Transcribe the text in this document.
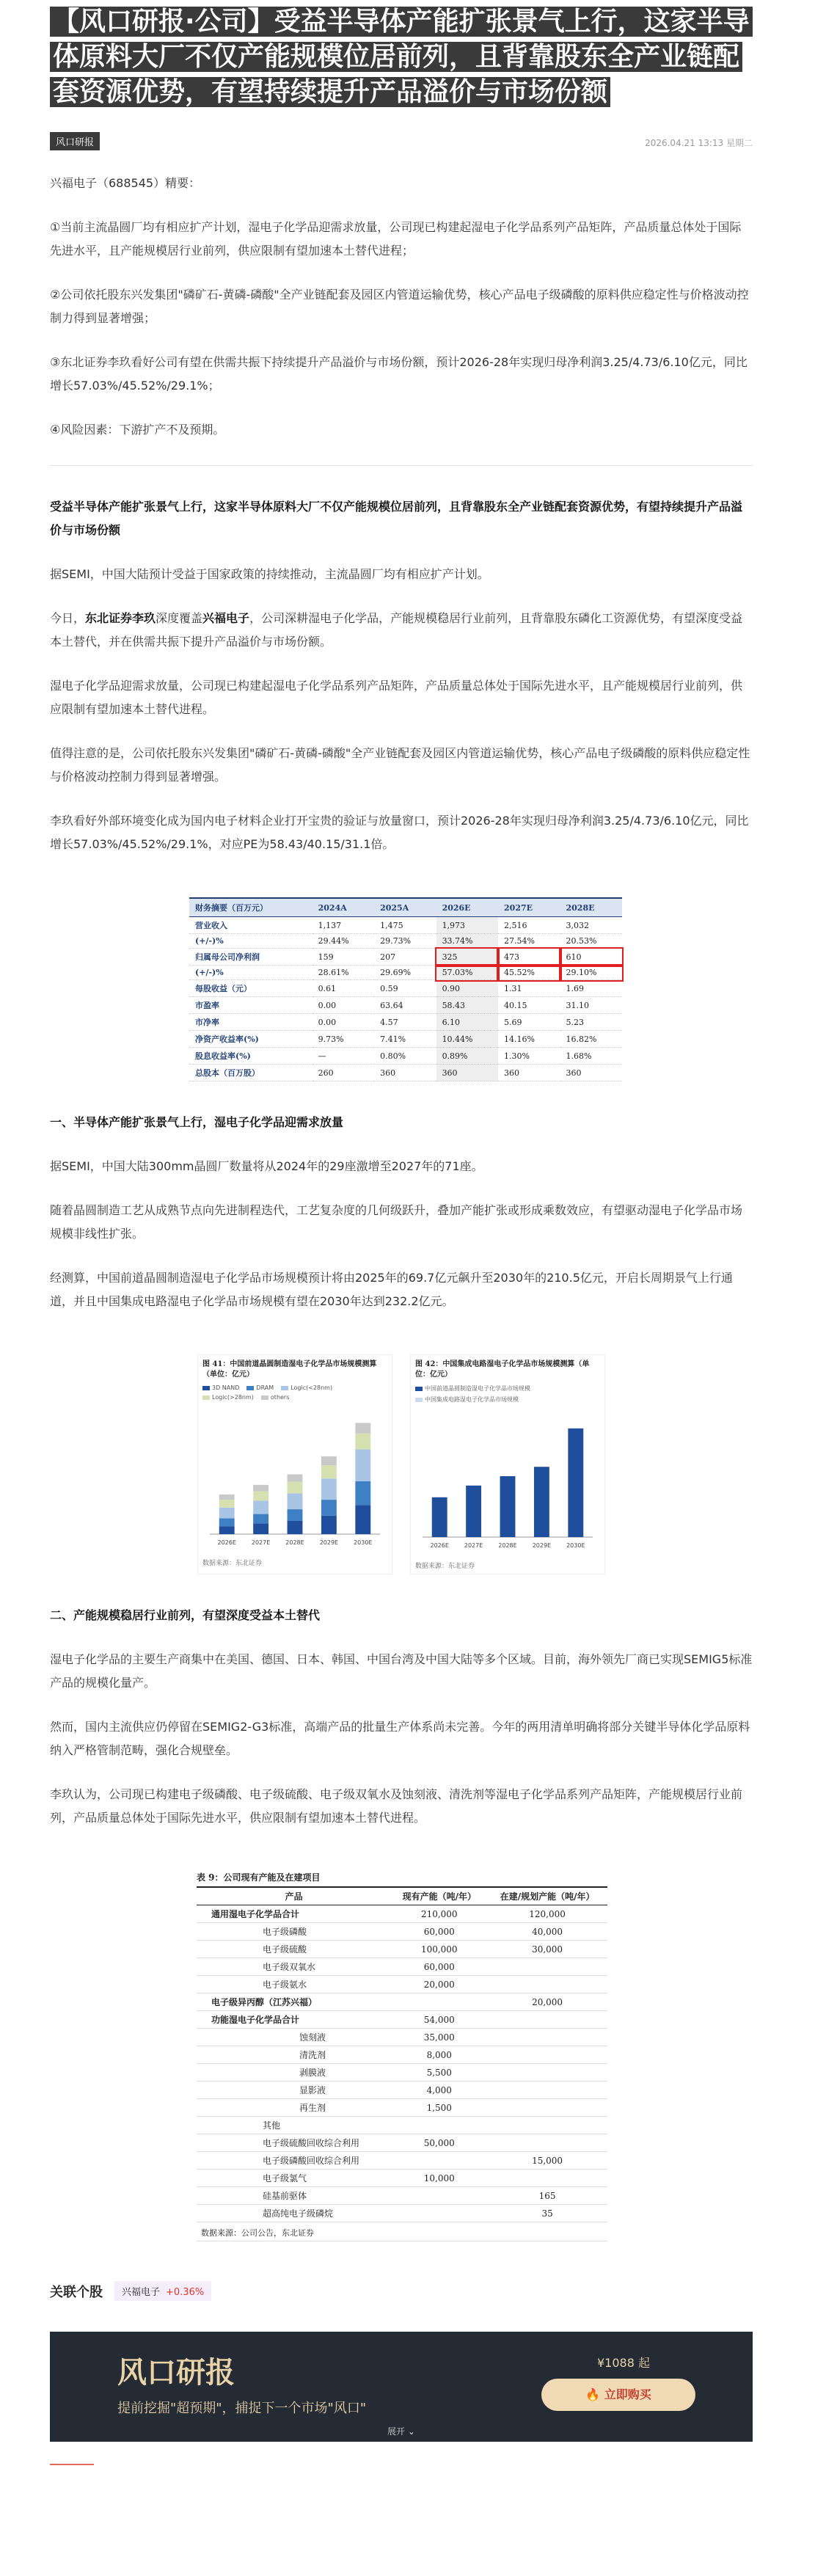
【风口研报·公司】受益半导体产能扩张景气上行，这家半导体原料大厂不仅产能规模位居前列，且背靠股东全产业链配套资源优势，有望持续提升产品溢价与市场份额
风口研报	2026.04.21 13:13 星期二
兴福电子（688545）精要：
①当前主流晶圆厂均有相应扩产计划，湿电子化学品迎需求放量，公司现已构建起湿电子化学品系列产品矩阵，产品质量总体处于国际先进水平，且产能规模居行业前列，供应限制有望加速本土替代进程；
②公司依托股东兴发集团"磷矿石-黄磷-磷酸"全产业链配套及园区内管道运输优势，核心产品电子级磷酸的原料供应稳定性与价格波动控制力得到显著增强；
③东北证券李玖看好公司有望在供需共振下持续提升产品溢价与市场份额，预计2026-28年实现归母净利润3.25/4.73/6.10亿元，同比增长57.03%/45.52%/29.1%；
④风险因素：下游扩产不及预期。
受益半导体产能扩张景气上行，这家半导体原料大厂不仅产能规模位居前列，且背靠股东全产业链配套资源优势，有望持续提升产品溢价与市场份额
据SEMI，中国大陆预计受益于国家政策的持续推动，主流晶圆厂均有相应扩产计划。
今日，东北证券李玖深度覆盖兴福电子，公司深耕湿电子化学品，产能规模稳居行业前列，且背靠股东磷化工资源优势，有望深度受益本土替代，并在供需共振下提升产品溢价与市场份额。
湿电子化学品迎需求放量，公司现已构建起湿电子化学品系列产品矩阵，产品质量总体处于国际先进水平，且产能规模居行业前列，供应限制有望加速本土替代进程。
值得注意的是，公司依托股东兴发集团"磷矿石-黄磷-磷酸"全产业链配套及园区内管道运输优势，核心产品电子级磷酸的原料供应稳定性与价格波动控制力得到显著增强。
李玖看好外部环境变化成为国内电子材料企业打开宝贵的验证与放量窗口，预计2026-28年实现归母净利润3.25/4.73/6.10亿元，同比增长57.03%/45.52%/29.1%，对应PE为58.43/40.15/31.1倍。
财务摘要（百万元）	2024A	2025A	2026E	2027E	2028E
营业收入	1,137	1,475	1,973	2,516	3,032
(+/-)%	29.44%	29.73%	33.74%	27.54%	20.53%
归属母公司净利润	159	207	325	473	610
(+/-)%	28.61%	29.69%	57.03%	45.52%	29.10%
每股收益（元）	0.61	0.59	0.90	1.31	1.69
市盈率	0.00	63.64	58.43	40.15	31.10
市净率	0.00	4.57	6.10	5.69	5.23
净资产收益率(%)	9.73%	7.41%	10.44%	14.16%	16.82%
股息收益率(%)	—	0.80%	0.89%	1.30%	1.68%
总股本（百万股）	260	360	360	360	360
一、半导体产能扩张景气上行，湿电子化学品迎需求放量
据SEMI，中国大陆300mm晶圆厂数量将从2024年的29座激增至2027年的71座。
随着晶圆制造工艺从成熟节点向先进制程迭代，工艺复杂度的几何级跃升，叠加产能扩张或形成乘数效应，有望驱动湿电子化学品市场规模非线性扩张。
经测算，中国前道晶圆制造湿电子化学品市场规模预计将由2025年的69.7亿元飙升至2030年的210.5亿元，开启长周期景气上行通道，并且中国集成电路湿电子化学品市场规模有望在2030年达到232.2亿元。
图 41：中国前道晶圆制造湿电子化学品市场规模测算（单位：亿元）
3D NAND	DRAM	Logic(<28nm)
Logic(>28nm)	others
2026E	2027E	2028E	2029E	2030E
数据来源：东北证券
图 42：中国集成电路湿电子化学品市场规模测算（单位：亿元）
中国前道晶圆制造湿电子化学品市场规模
中国集成电路湿电子化学品市场规模
2026E	2027E	2028E	2029E	2030E
数据来源：东北证券
二、产能规模稳居行业前列，有望深度受益本土替代
湿电子化学品的主要生产商集中在美国、德国、日本、韩国、中国台湾及中国大陆等多个区域。目前，海外领先厂商已实现SEMIG5标准产品的规模化量产。
然而，国内主流供应仍停留在SEMIG2-G3标准，高端产品的批量生产体系尚未完善。今年的两用清单明确将部分关键半导体化学品原料纳入严格管制范畴，强化合规壁垒。
李玖认为，公司现已构建电子级磷酸、电子级硫酸、电子级双氧水及蚀刻液、清洗剂等湿电子化学品系列产品矩阵，产能规模居行业前列，产品质量总体处于国际先进水平，供应限制有望加速本土替代进程。
表 9：公司现有产能及在建项目
产品	现有产能（吨/年）	在建/规划产能（吨/年）
通用湿电子化学品合计	210,000	120,000
电子级磷酸	60,000	40,000
电子级硫酸	100,000	30,000
电子级双氧水	60,000	
电子级氨水	20,000	
电子级异丙醇（江苏兴福）		20,000
功能湿电子化学品合计	54,000	
蚀刻液	35,000	
清洗剂	8,000	
剥膜液	5,500	
显影液	4,000	
再生剂	1,500	
其他		
电子级硫酸回收综合利用	50,000	
电子级磷酸回收综合利用		15,000
电子级氯气	10,000	
硅基前驱体		165
超高纯电子级磷烷		35
数据来源：公司公告，东北证券		
关联个股	兴福电子 +0.36%
风口研报
提前挖掘"超预期"，捕捉下一个市场"风口"
¥1088 起
🔥 立即购买
展开 ⌄
